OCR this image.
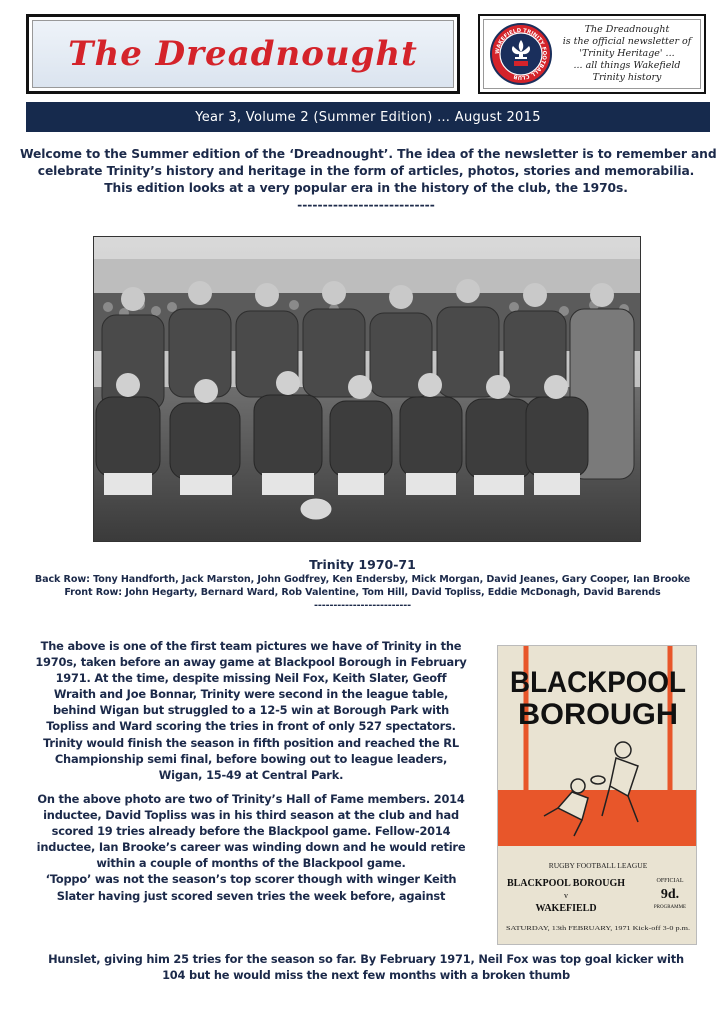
The Dreadnought	WAKEFIELD TRINITY FOOTBALL CLUB
The Dreadnought
is the official newsletter of
'Trinity Heritage' ...
... all things Wakefield
Trinity history
Year 3, Volume 2 (Summer Edition) … August 2015
Welcome to the Summer edition of the ‘Dreadnought’. The idea of the newsletter is to remember and
celebrate Trinity’s history and heritage in the form of articles, photos, stories and memorabilia.
This edition looks at a very popular era in the history of the club, the 1970s.
---------------------------
Trinity 1970-71
Back Row: Tony Handforth, Jack Marston, John Godfrey, Ken Endersby, Mick Morgan, David Jeanes, Gary Cooper, Ian Brooke
Front Row: John Hegarty, Bernard Ward, Rob Valentine, Tom Hill, David Topliss, Eddie McDonagh, David Barends
-------------------------
The above is one of the first team pictures we have of Trinity in the
1970s, taken before an away game at Blackpool Borough in February
1971. At the time, despite missing Neil Fox, Keith Slater, Geoff
Wraith and Joe Bonnar, Trinity were second in the league table,
behind Wigan but struggled to a 12-5 win at Borough Park with
Topliss and Ward scoring the tries in front of only 527 spectators.
Trinity would finish the season in fifth position and reached the RL
Championship semi final, before bowing out to league leaders,
Wigan, 15-49 at Central Park.
On the above photo are two of Trinity’s Hall of Fame members. 2014
inductee, David Topliss was in his third season at the club and had
scored 19 tries already before the Blackpool game. Fellow-2014
inductee, Ian Brooke’s career was winding down and he would retire
within a couple of months of the Blackpool game.
‘Toppo’ was not the season’s top scorer though with winger Keith
Slater having just scored seven tries the week before, against
Hunslet, giving him 25 tries for the season so far. By February 1971, Neil Fox was top goal kicker with
104 but he would miss the next few months with a broken thumb
BLACKPOOL
BOROUGH
RUGBY FOOTBALL LEAGUE
BLACKPOOL BOROUGH
v
WAKEFIELD
OFFICIAL
9d.
PROGRAMME
SATURDAY, 13th FEBRUARY, 1971 Kick-off 3-0 p.m.
